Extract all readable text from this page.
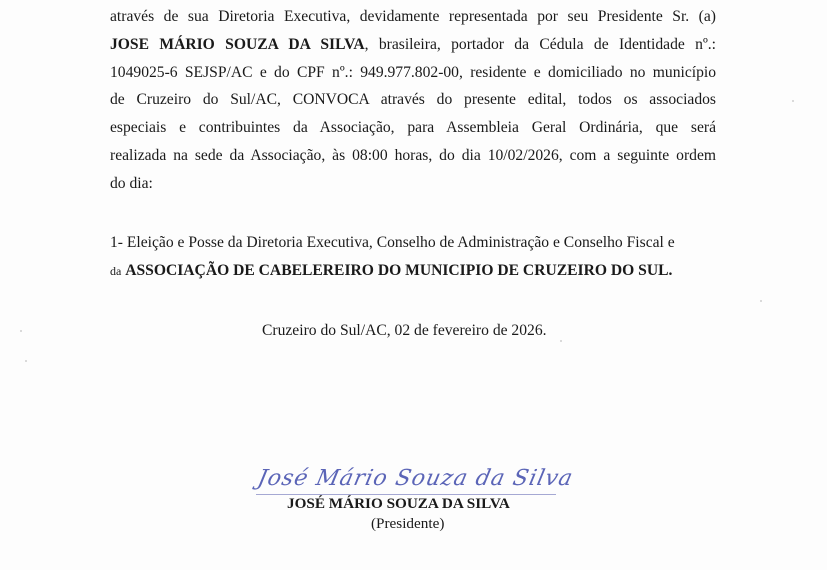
através de sua Diretoria Executiva, devidamente representada por seu Presidente Sr. (a)
JOSE MÁRIO SOUZA DA SILVA, brasileira, portador da Cédula de Identidade nº.:
1049025-6 SEJSP/AC e do CPF nº.: 949.977.802-00, residente e domiciliado no município
de Cruzeiro do Sul/AC, CONVOCA através do presente edital, todos os associados
especiais e contribuintes da Associação, para Assembleia Geral Ordinária, que será
realizada na sede da Associação, às 08:00 horas, do dia 10/02/2026, com a seguinte ordem
do dia:
1- Eleição e Posse da Diretoria Executiva, Conselho de Administração e Conselho Fiscal e
da ASSOCIAÇÃO DE CABELEREIRO DO MUNICIPIO DE CRUZEIRO DO SUL.
Cruzeiro do Sul/AC, 02 de fevereiro de 2026.
JOSÉ MÁRIO SOUZA DA SILVA
José Mário Souza da Silva
(Presidente)
